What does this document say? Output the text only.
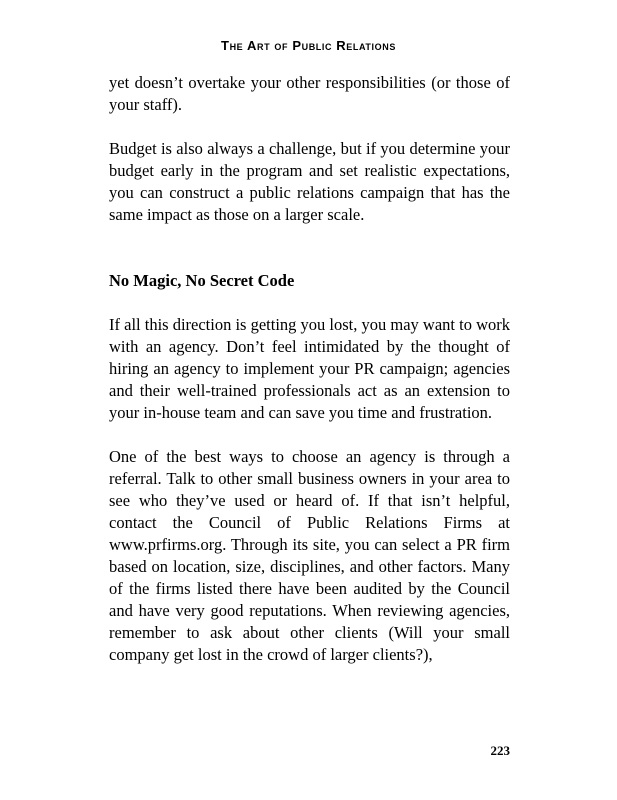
The Art of Public Relations

yet doesn’t overtake your other responsibilities (or those of your staff).

Budget is also always a challenge, but if you determine your budget early in the program and set realistic expectations, you can construct a public relations campaign that has the same impact as those on a larger scale.

No Magic, No Secret Code

If all this direction is getting you lost, you may want to work with an agency. Don’t feel intimidated by the thought of hiring an agency to implement your PR campaign; agencies and their well-trained professionals act as an extension to your in-house team and can save you time and frustration.

One of the best ways to choose an agency is through a referral. Talk to other small business owners in your area to see who they’ve used or heard of. If that isn’t helpful, contact the Council of Public Relations Firms at www.prfirms.org. Through its site, you can select a PR firm based on location, size, disciplines, and other factors. Many of the firms listed there have been audited by the Council and have very good reputations. When reviewing agencies, remember to ask about other clients (Will your small company get lost in the crowd of larger clients?),

223
